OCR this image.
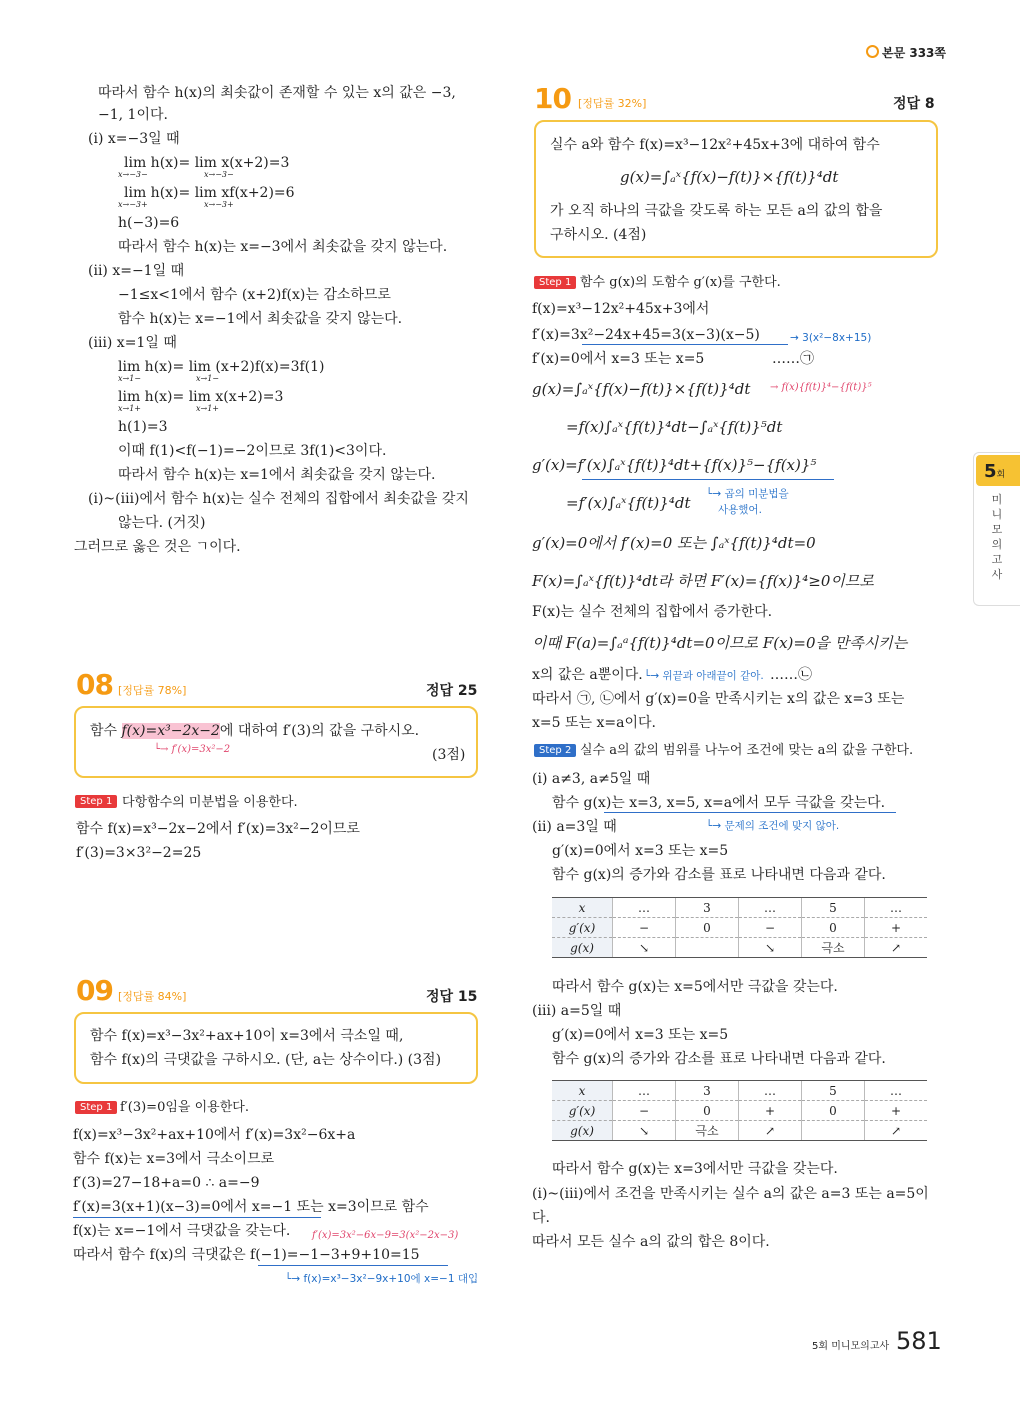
본문 333쪽
5회
미
니
모
의
고
사
따라서 함수 h(x)의 최솟값이 존재할 수 있는 x의 값은 −3,
−1, 1이다.
(ⅰ) x=−3일 때
lim h(x)= lim x(x+2)=3
lim h(x)= lim xf(x+2)=6
h(−3)=6
따라서 함수 h(x)는 x=−3에서 최솟값을 갖지 않는다.
(ⅱ) x=−1일 때
−1≤x<1에서 함수 (x+2)f(x)는 감소하므로
함수 h(x)는 x=−1에서 최솟값을 갖지 않는다.
(ⅲ) x=1일 때
lim h(x)= lim (x+2)f(x)=3f(1)
lim h(x)= lim x(x+2)=3
h(1)=3
이때 f(1)<f(−1)=−2이므로 3f(1)<3이다.
따라서 함수 h(x)는 x=1에서 최솟값을 갖지 않는다.
(ⅰ)~(ⅲ)에서 함수 h(x)는 실수 전체의 집합에서 최솟값을 갖지
않는다. (거짓)
그러므로 옳은 것은 ㄱ이다.
x→−3−	x→−3−
x→−3+	x→−3+
x→1−	x→1−
x→1+	x→1+
08 [정답률 78%]	정답 25
함수 f(x)=x³−2x−2에 대하여 f′(3)의 값을 구하시오.
└→ f′(x)=3x²−2	(3점)
Step 1 다항함수의 미분법을 이용한다.
함수 f(x)=x³−2x−2에서 f′(x)=3x²−2이므로
f′(3)=3×3²−2=25
09 [정답률 84%]	정답 15
함수 f(x)=x³−3x²+ax+10이 x=3에서 극소일 때,
함수 f(x)의 극댓값을 구하시오. (단, a는 상수이다.) (3점)
Step 1 f′(3)=0임을 이용한다.
f(x)=x³−3x²+ax+10에서 f′(x)=3x²−6x+a
함수 f(x)는 x=3에서 극소이므로
f′(3)=27−18+a=0 ∴ a=−9
f′(x)=3(x+1)(x−3)=0에서 x=−1 또는 x=3이므로 함수
f(x)는 x=−1에서 극댓값을 갖는다. f′(x)=3x²−6x−9=3(x²−2x−3)
따라서 함수 f(x)의 극댓값은 f(−1)=−1−3+9+10=15
└→ f(x)=x³−3x²−9x+10에 x=−1 대입
10 [정답률 32%]	정답 8
실수 a와 함수 f(x)=x³−12x²+45x+3에 대하여 함수
g(x)=∫ₐˣ{f(x)−f(t)}×{f(t)}⁴dt
가 오직 하나의 극값을 갖도록 하는 모든 a의 값의 합을
구하시오. (4점)
Step 1 함수 g(x)의 도함수 g′(x)를 구한다.
f(x)=x³−12x²+45x+3에서
f′(x)=3x²−24x+45=3(x−3)(x−5)	→ 3(x²−8x+15)
f′(x)=0에서 x=3 또는 x=5	……㉠
g(x)=∫ₐˣ{f(x)−f(t)}×{f(t)}⁴dt → f(x){f(t)}⁴−{f(t)}⁵
=f(x)∫ₐˣ{f(t)}⁴dt−∫ₐˣ{f(t)}⁵dt
g′(x)=f′(x)∫ₐˣ{f(t)}⁴dt+{f(x)}⁵−{f(x)}⁵
=f′(x)∫ₐˣ{f(t)}⁴dt └→ 곱의 미분법을
사용했어.
g′(x)=0에서 f′(x)=0 또는 ∫ₐˣ{f(t)}⁴dt=0
F(x)=∫ₐˣ{f(t)}⁴dt라 하면 F′(x)={f(x)}⁴≥0이므로
F(x)는 실수 전체의 집합에서 증가한다.
이때 F(a)=∫ₐᵃ{f(t)}⁴dt=0이므로 F(x)=0을 만족시키는
x의 값은 a뿐이다. └→ 위끝과 아래끝이 같아. ……㉡
따라서 ㉠, ㉡에서 g′(x)=0을 만족시키는 x의 값은 x=3 또는
x=5 또는 x=a이다.
Step 2 실수 a의 값의 범위를 나누어 조건에 맞는 a의 값을 구한다.
(ⅰ) a≠3, a≠5일 때
함수 g(x)는 x=3, x=5, x=a에서 모두 극값을 갖는다.
(ⅱ) a=3일 때	└→ 문제의 조건에 맞지 않아.
g′(x)=0에서 x=3 또는 x=5
함수 g(x)의 증가와 감소를 표로 나타내면 다음과 같다.
x	…	3	…	5	…
g′(x)	−	0	−	0	+
g(x)	↘		↘	극소	↗
따라서 함수 g(x)는 x=5에서만 극값을 갖는다.
(ⅲ) a=5일 때
g′(x)=0에서 x=3 또는 x=5
함수 g(x)의 증가와 감소를 표로 나타내면 다음과 같다.
x	…	3	…	5	…
g′(x)	−	0	+	0	+
g(x)	↘	극소	↗		↗
따라서 함수 g(x)는 x=3에서만 극값을 갖는다.
(ⅰ)~(ⅲ)에서 조건을 만족시키는 실수 a의 값은 a=3 또는 a=5이
다.
따라서 모든 실수 a의 값의 합은 8이다.
5회 미니모의고사 581
